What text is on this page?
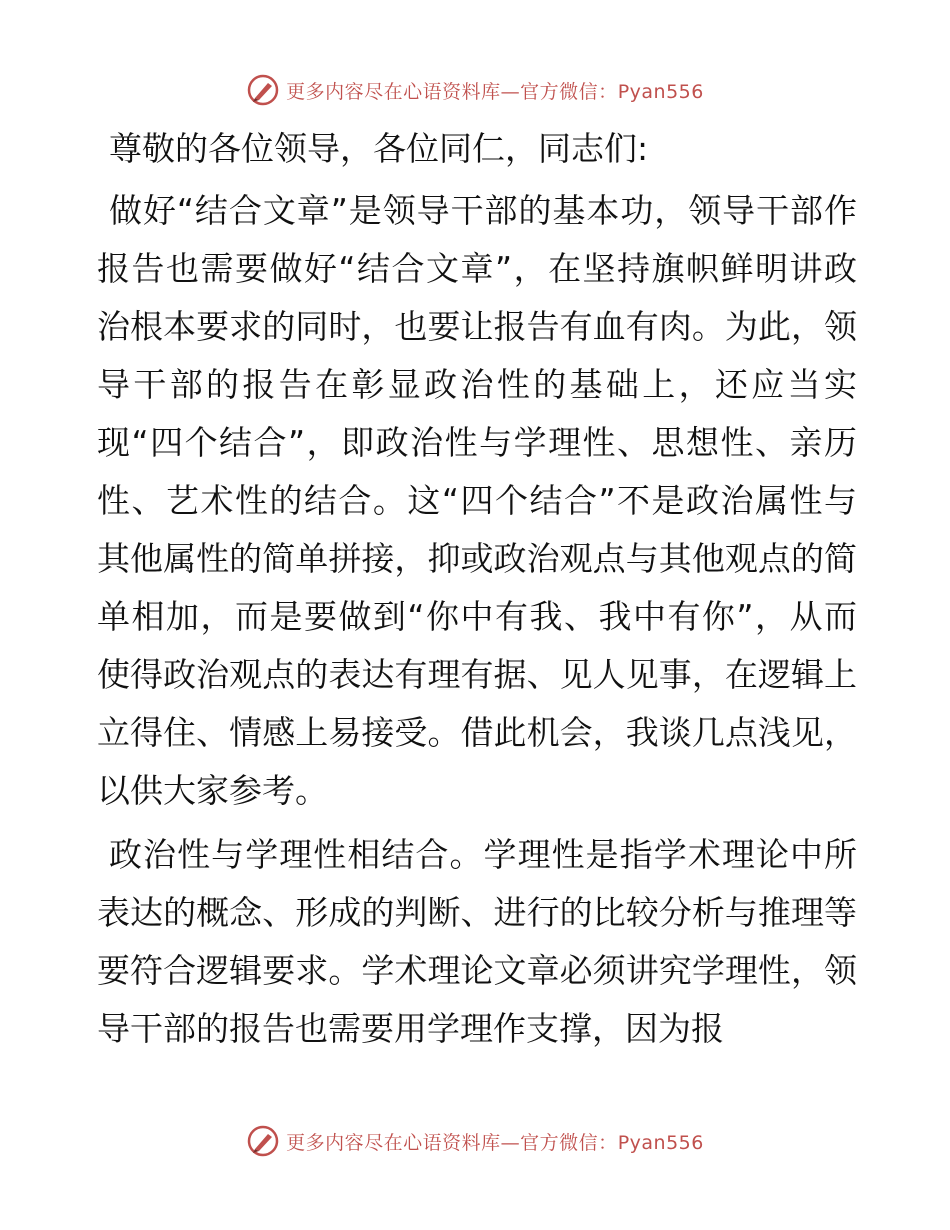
更多内容尽在心语资料库—官方微信：Pyan556

尊敬的各位领导，各位同仁，同志们:

做好“结合文章”是领导干部的基本功，领导干部作报告也需要做好“结合文章”，在坚持旗帜鲜明讲政治根本要求的同时，也要让报告有血有肉。为此，领导干部的报告在彰显政治性的基础上，还应当实现“四个结合”，即政治性与学理性、思想性、亲历性、艺术性的结合。这“四个结合”不是政治属性与其他属性的简单拼接，抑或政治观点与其他观点的简单相加，而是要做到“你中有我、我中有你”，从而使得政治观点的表达有理有据、见人见事，在逻辑上立得住、情感上易接受。借此机会，我谈几点浅见，以供大家参考。

政治性与学理性相结合。学理性是指学术理论中所表达的概念、形成的判断、进行的比较分析与推理等要符合逻辑要求。学术理论文章必须讲究学理性，领导干部的报告也需要用学理作支撑，因为报

更多内容尽在心语资料库—官方微信：Pyan556
